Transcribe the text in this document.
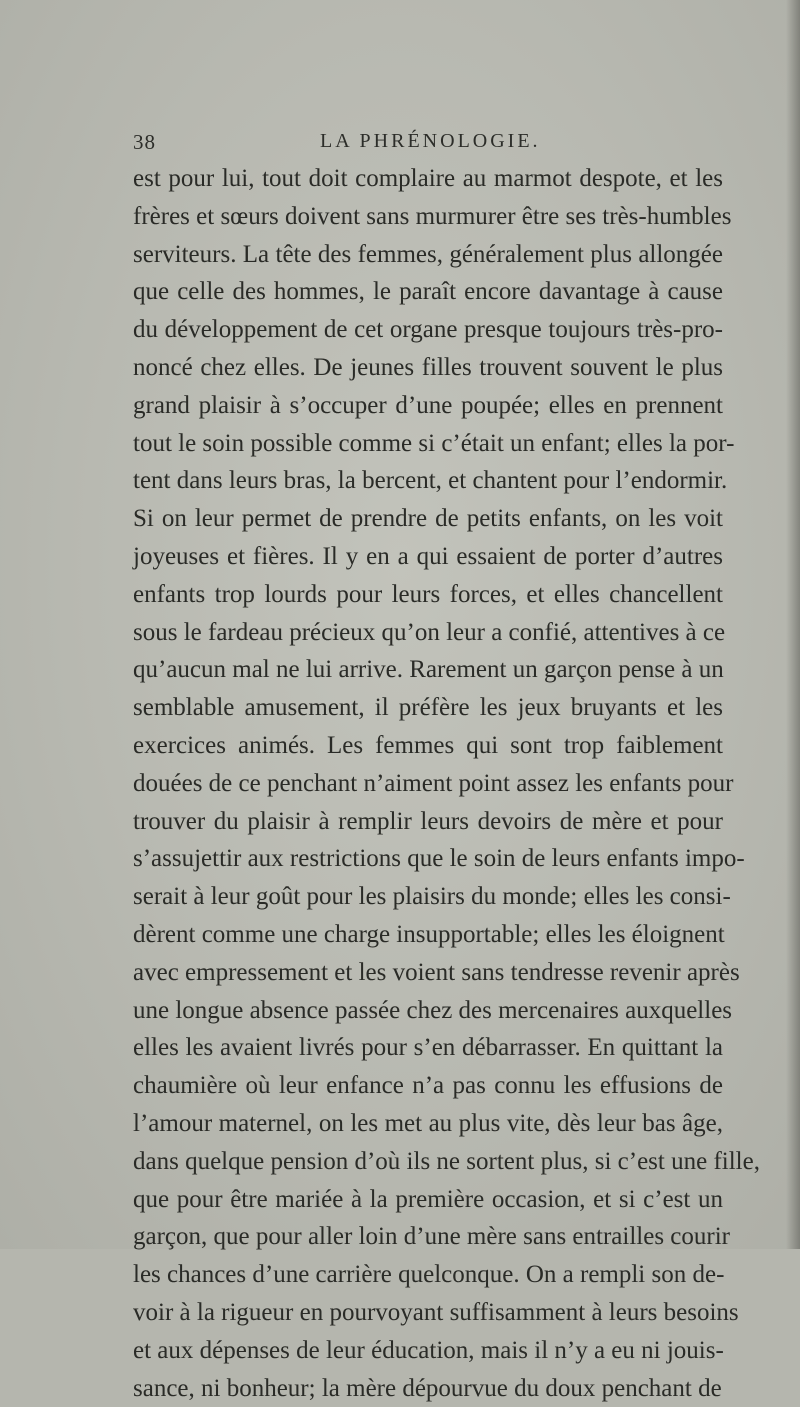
38	LA PHRÉNOLOGIE.
est pour lui, tout doit complaire au marmot despote, et les
frères et sœurs doivent sans murmurer être ses très-humbles
serviteurs. La tête des femmes, généralement plus allongée
que celle des hommes, le paraît encore davantage à cause
du développement de cet organe presque toujours très-pro-
noncé chez elles. De jeunes filles trouvent souvent le plus
grand plaisir à s’occuper d’une poupée; elles en prennent
tout le soin possible comme si c’était un enfant; elles la por-
tent dans leurs bras, la bercent, et chantent pour l’endormir.
Si on leur permet de prendre de petits enfants, on les voit
joyeuses et fières. Il y en a qui essaient de porter d’autres
enfants trop lourds pour leurs forces, et elles chancellent
sous le fardeau précieux qu’on leur a confié, attentives à ce
qu’aucun mal ne lui arrive. Rarement un garçon pense à un
semblable amusement, il préfère les jeux bruyants et les
exercices animés. Les femmes qui sont trop faiblement
douées de ce penchant n’aiment point assez les enfants pour
trouver du plaisir à remplir leurs devoirs de mère et pour
s’assujettir aux restrictions que le soin de leurs enfants impo-
serait à leur goût pour les plaisirs du monde; elles les consi-
dèrent comme une charge insupportable; elles les éloignent
avec empressement et les voient sans tendresse revenir après
une longue absence passée chez des mercenaires auxquelles
elles les avaient livrés pour s’en débarrasser. En quittant la
chaumière où leur enfance n’a pas connu les effusions de
l’amour maternel, on les met au plus vite, dès leur bas âge,
dans quelque pension d’où ils ne sortent plus, si c’est une fille,
que pour être mariée à la première occasion, et si c’est un
garçon, que pour aller loin d’une mère sans entrailles courir
les chances d’une carrière quelconque. On a rempli son de-
voir à la rigueur en pourvoyant suffisamment à leurs besoins
et aux dépenses de leur éducation, mais il n’y a eu ni jouis-
sance, ni bonheur; la mère dépourvue du doux penchant de
